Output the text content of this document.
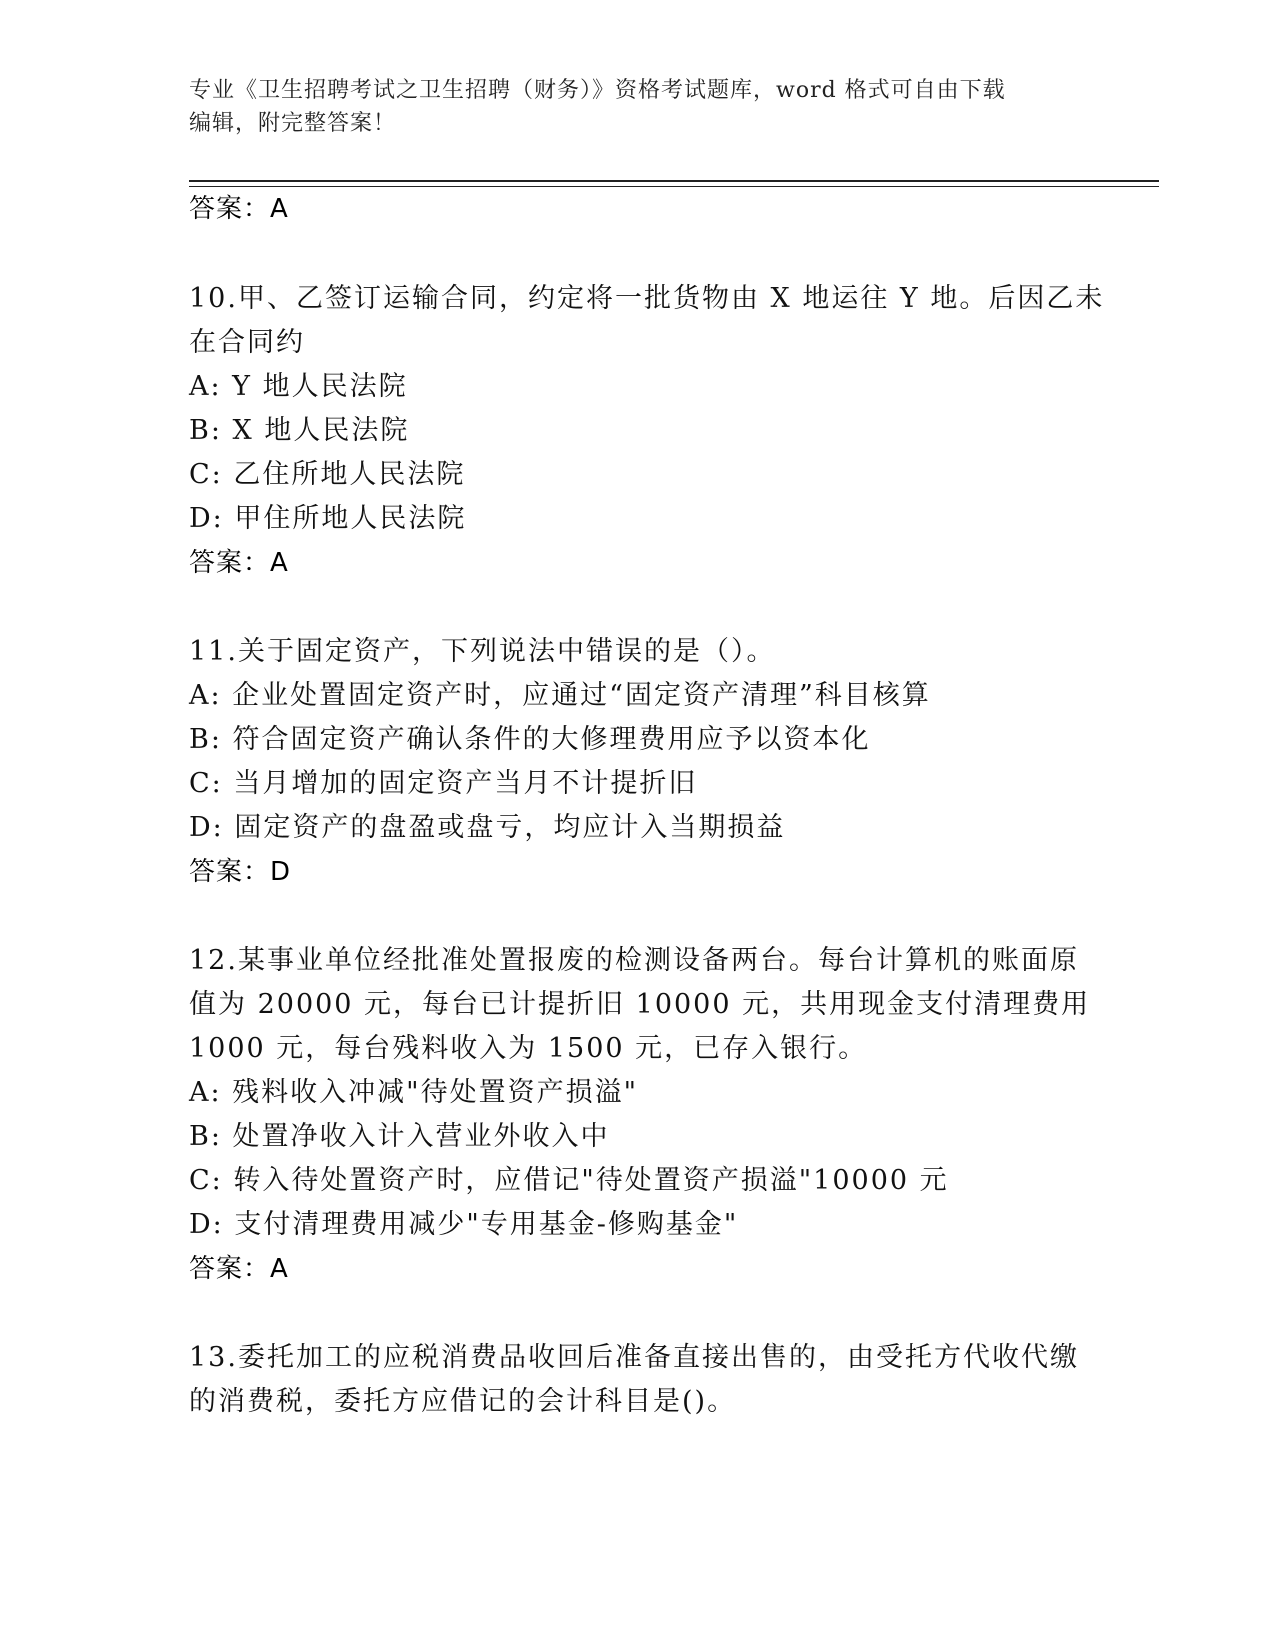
专业《卫生招聘考试之卫生招聘（财务）》资格考试题库，word 格式可自由下载
编辑，附完整答案！
答案：A
10.甲、乙签订运输合同，约定将一批货物由 X 地运往 Y 地。后因乙未
在合同约
A: Y 地人民法院
B: X 地人民法院
C: 乙住所地人民法院
D: 甲住所地人民法院
答案：A
11.关于固定资产，下列说法中错误的是（）。
A: 企业处置固定资产时，应通过“固定资产清理”科目核算
B: 符合固定资产确认条件的大修理费用应予以资本化
C: 当月增加的固定资产当月不计提折旧
D: 固定资产的盘盈或盘亏，均应计入当期损益
答案：D
12.某事业单位经批准处置报废的检测设备两台。每台计算机的账面原
值为 20000 元，每台已计提折旧 10000 元，共用现金支付清理费用
1000 元，每台残料收入为 1500 元，已存入银行。
A: 残料收入冲减"待处置资产损溢"
B: 处置净收入计入营业外收入中
C: 转入待处置资产时，应借记"待处置资产损溢"10000 元
D: 支付清理费用减少"专用基金-修购基金"
答案：A
13.委托加工的应税消费品收回后准备直接出售的，由受托方代收代缴
的消费税，委托方应借记的会计科目是()。
